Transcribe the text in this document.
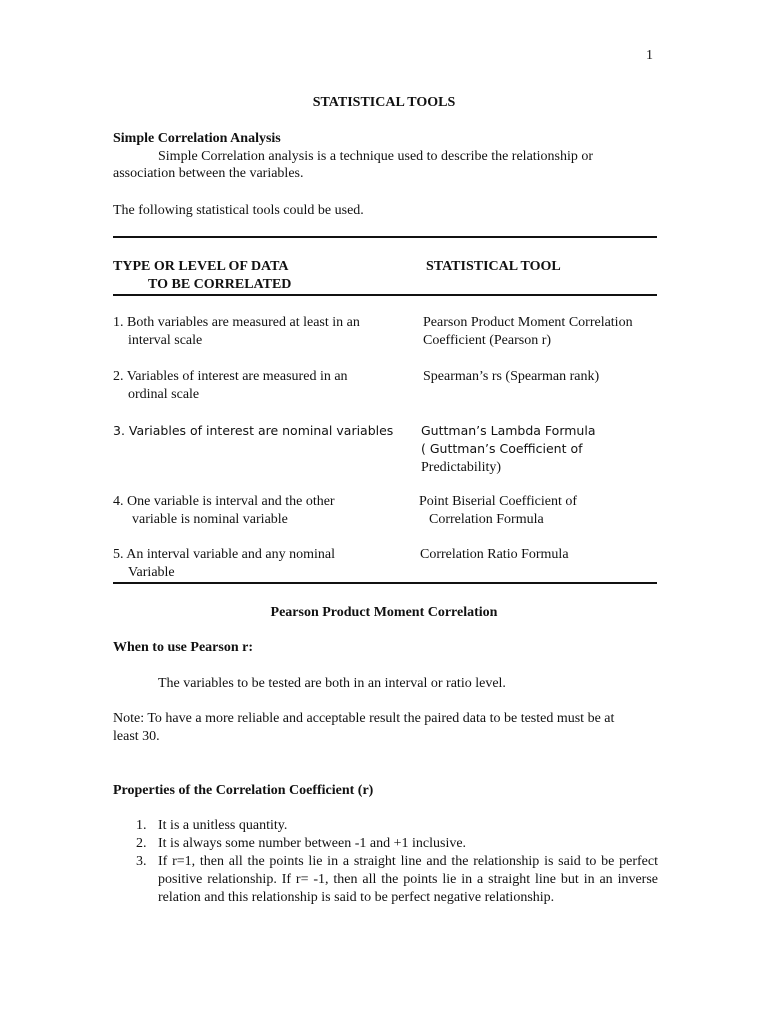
1
STATISTICAL TOOLS
Simple Correlation Analysis
Simple Correlation analysis is a technique used to describe the relationship or
association between the variables.
The following statistical tools could be used.
TYPE OR LEVEL OF DATA
TO BE CORRELATED
STATISTICAL TOOL
1. Both variables are measured at least in an
interval scale
Pearson Product Moment Correlation
Coefficient (Pearson r)
2. Variables of interest are measured in an
ordinal scale
Spearman’s rs (Spearman rank)
3. Variables of interest are nominal variables	Guttman’s Lambda Formula
( Guttman’s Coefficient of
Predictability)
4. One variable is interval and the other
variable is nominal variable
Point Biserial Coefficient of
Correlation Formula
5. An interval variable and any nominal
Variable
Correlation Ratio Formula
Pearson Product Moment Correlation
When to use Pearson r:
The variables to be tested are both in an interval or ratio level.
Note: To have a more reliable and acceptable result the paired data to be tested must be at
least 30.
Properties of the Correlation Coefficient (r)
1. It is a unitless quantity.
2. It is always some number between -1 and +1 inclusive.
3. If r=1, then all the points lie in a straight line and the relationship is said to be perfect positive relationship. If r= -1, then all the points lie in a straight line but in an inverse relation and this relationship is said to be perfect negative relationship.
